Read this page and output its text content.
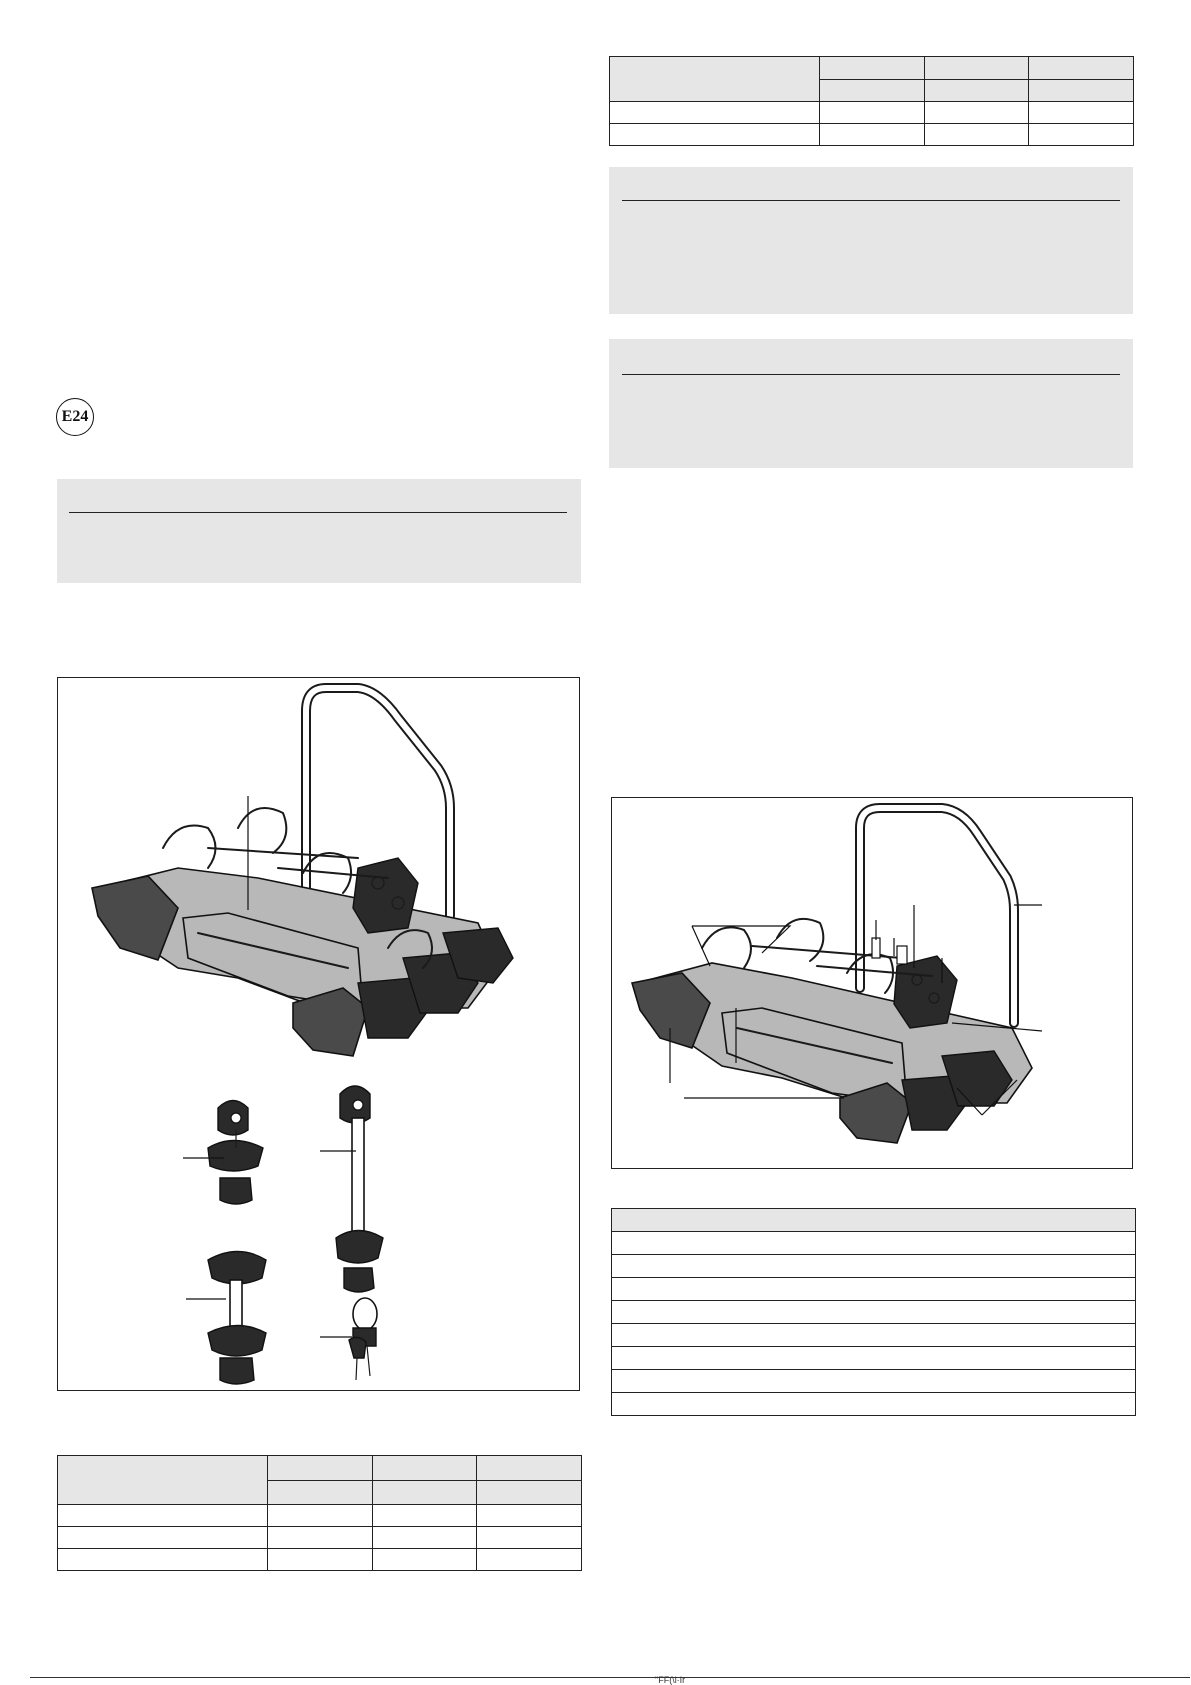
E24

"FF(\i·Ir
